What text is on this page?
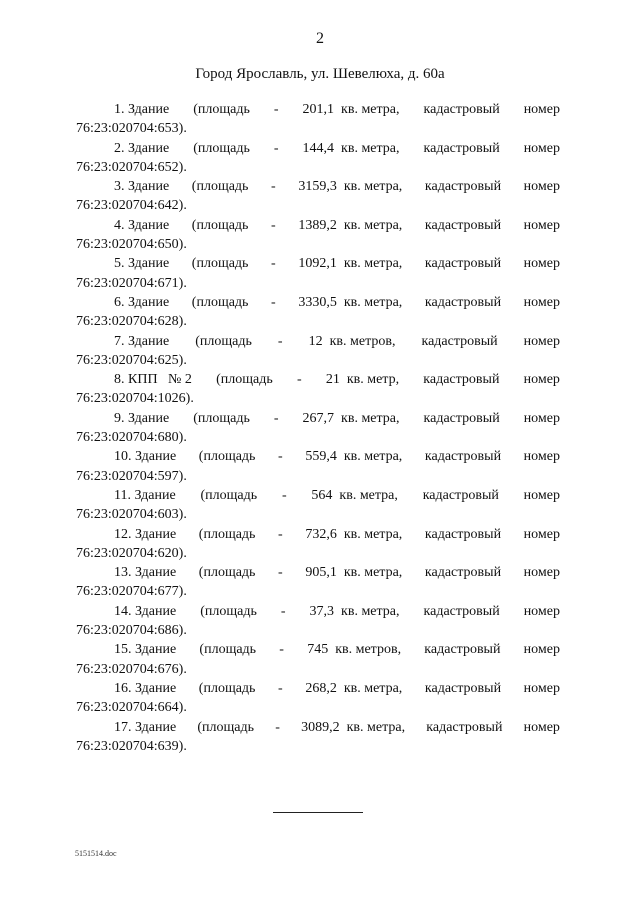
2
Город Ярославль, ул. Шевелюха, д. 60а
1. Здание (площадь - 201,1 кв. метра, кадастровый номер
76:23:020704:653).
2. Здание (площадь - 144,4 кв. метра, кадастровый номер
76:23:020704:652).
3. Здание (площадь - 3159,3 кв. метра, кадастровый номер
76:23:020704:642).
4. Здание (площадь - 1389,2 кв. метра, кадастровый номер
76:23:020704:650).
5. Здание (площадь - 1092,1 кв. метра, кадастровый номер
76:23:020704:671).
6. Здание (площадь - 3330,5 кв. метра, кадастровый номер
76:23:020704:628).
7. Здание (площадь - 12 кв. метров, кадастровый номер
76:23:020704:625).
8. КПП   № 2 (площадь - 21 кв. метр, кадастровый номер
76:23:020704:1026).
9. Здание (площадь - 267,7 кв. метра, кадастровый номер
76:23:020704:680).
10. Здание (площадь - 559,4 кв. метра, кадастровый номер
76:23:020704:597).
11. Здание (площадь - 564 кв. метра, кадастровый номер
76:23:020704:603).
12. Здание (площадь - 732,6 кв. метра, кадастровый номер
76:23:020704:620).
13. Здание (площадь - 905,1 кв. метра, кадастровый номер
76:23:020704:677).
14. Здание (площадь - 37,3 кв. метра, кадастровый номер
76:23:020704:686).
15. Здание (площадь - 745 кв. метров, кадастровый номер
76:23:020704:676).
16. Здание (площадь - 268,2 кв. метра, кадастровый номер
76:23:020704:664).
17. Здание (площадь - 3089,2 кв. метра, кадастровый номер
76:23:020704:639).
5151514.doc
